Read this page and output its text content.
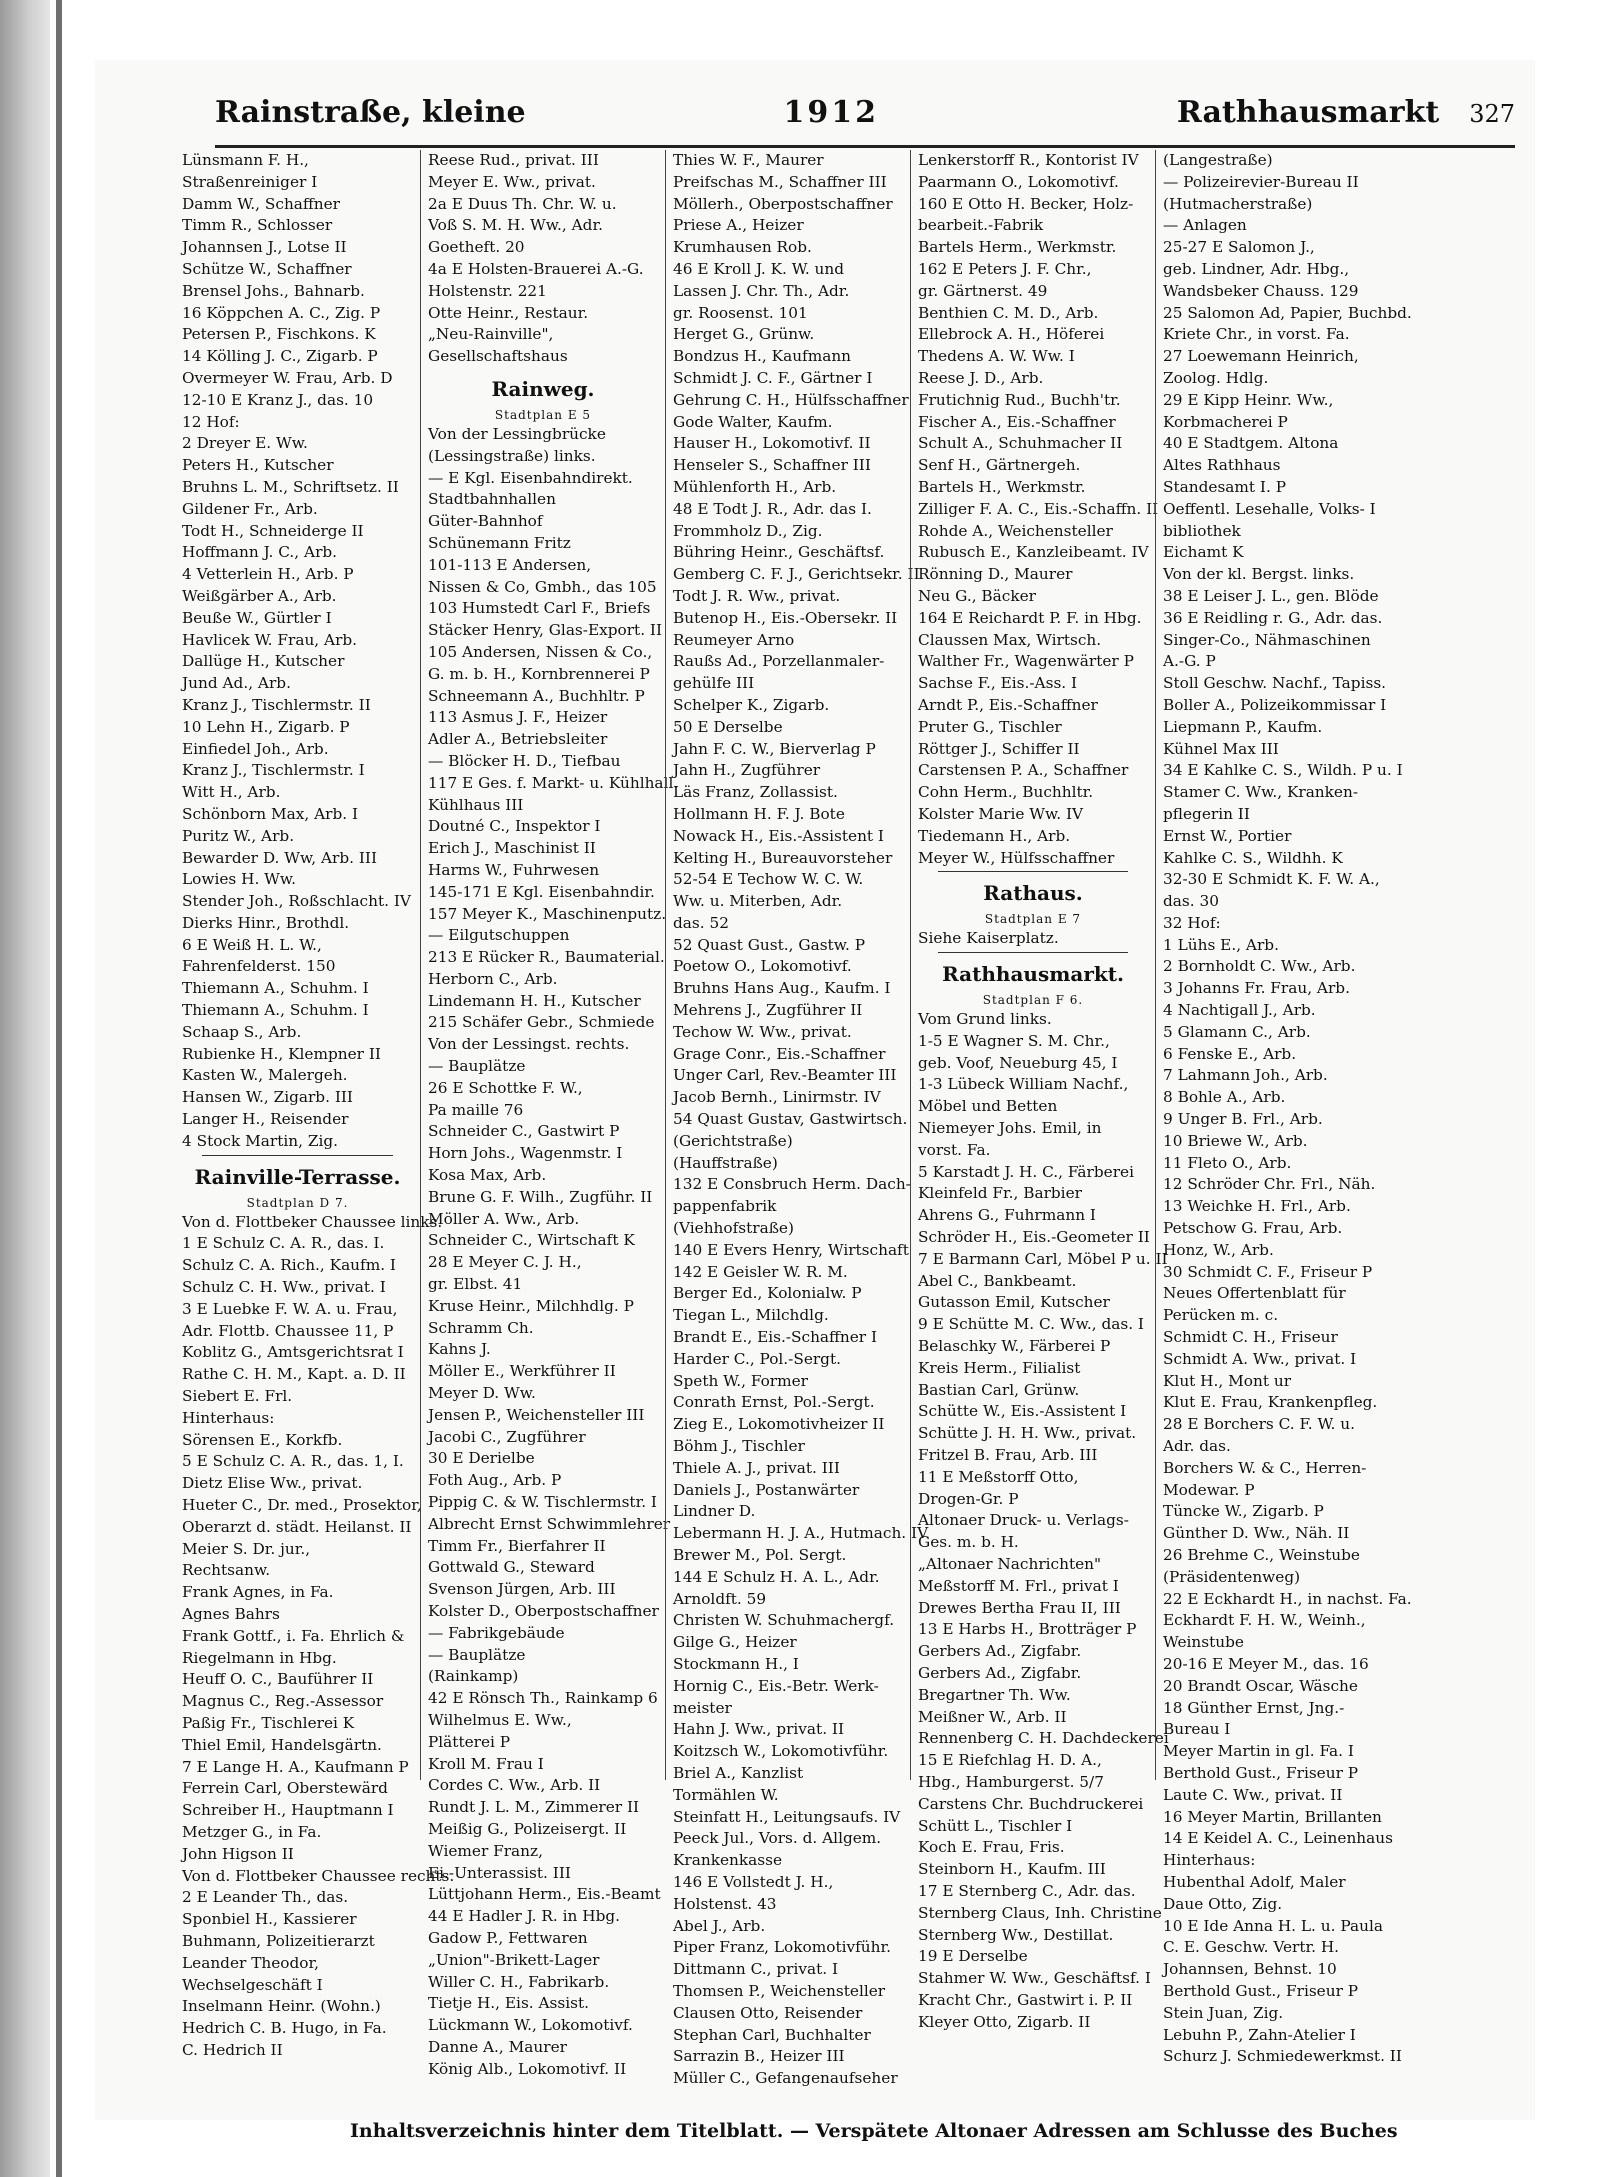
Rainstraße, kleine	1912	Rathhausmarkt 327
Lünsmann F. H.,
Straßenreiniger I
Damm W., Schaffner
Timm R., Schlosser
Johannsen J., Lotse II
Schütze W., Schaffner
Brensel Johs., Bahnarb.
16 Köppchen A. C., Zig. P
Petersen P., Fischkons. K
14 Kölling J. C., Zigarb. P
Overmeyer W. Frau, Arb. D
12-10 E Kranz J., das. 10
12 Hof:
2 Dreyer E. Ww.
Peters H., Kutscher
Bruhns L. M., Schriftsetz. II
Gildener Fr., Arb.
Todt H., Schneiderge II
Hoffmann J. C., Arb.
4 Vetterlein H., Arb. P
Weißgärber A., Arb.
Beuße W., Gürtler I
Havlicek W. Frau, Arb.
Dallüge H., Kutscher
Jund Ad., Arb.
Kranz J., Tischlermstr. II
10 Lehn H., Zigarb. P
Einfiedel Joh., Arb.
Kranz J., Tischlermstr. I
Witt H., Arb.
Schönborn Max, Arb. I
Puritz W., Arb.
Bewarder D. Ww, Arb. III
Lowies H. Ww.
Stender Joh., Roßschlacht. IV
Dierks Hinr., Brothdl.
6 E Weiß H. L. W.,
Fahrenfelderst. 150
Thiemann A., Schuhm. I
Thiemann A., Schuhm. I
Schaap S., Arb.
Rubienke H., Klempner II
Kasten W., Malergeh.
Hansen W., Zigarb. III
Langer H., Reisender
4 Stock Martin, Zig.
Rainville-Terrasse.
Stadtplan D 7.
Von d. Flottbeker Chaussee links.
1 E Schulz C. A. R., das. I.
Schulz C. A. Rich., Kaufm. I
Schulz C. H. Ww., privat. I
3 E Luebke F. W. A. u. Frau,
Adr. Flottb. Chaussee 11, P
Koblitz G., Amtsgerichtsrat I
Rathe C. H. M., Kapt. a. D. II
Siebert E. Frl.
Hinterhaus:
Sörensen E., Korkfb.
5 E Schulz C. A. R., das. 1, I.
Dietz Elise Ww., privat.
Hueter C., Dr. med., Prosektor,
Oberarzt d. städt. Heilanst. II
Meier S. Dr. jur.,
Rechtsanw.
Frank Agnes, in Fa.
Agnes Bahrs
Frank Gottf., i. Fa. Ehrlich &
Riegelmann in Hbg.
Heuff O. C., Bauführer II
Magnus C., Reg.-Assessor
Paßig Fr., Tischlerei K
Thiel Emil, Handelsgärtn.
7 E Lange H. A., Kaufmann P
Ferrein Carl, Oberstewärd
Schreiber H., Hauptmann I
Metzger G., in Fa.
John Higson II
Von d. Flottbeker Chaussee rechts.
2 E Leander Th., das.
Sponbiel H., Kassierer
Buhmann, Polizeitierarzt
Leander Theodor,
Wechselgeschäft I
Inselmann Heinr. (Wohn.)
Hedrich C. B. Hugo, in Fa.
C. Hedrich II
Reese Rud., privat. III
Meyer E. Ww., privat.
2a E Duus Th. Chr. W. u.
Voß S. M. H. Ww., Adr.
Goetheft. 20
4a E Holsten-Brauerei A.-G.
Holstenstr. 221
Otte Heinr., Restaur.
„Neu-Rainville",
Gesellschaftshaus
Rainweg.
Stadtplan E 5
Von der Lessingbrücke
(Lessingstraße) links.
— E Kgl. Eisenbahndirekt.
Stadtbahnhallen
Güter-Bahnhof
Schünemann Fritz
101-113 E Andersen,
Nissen & Co, Gmbh., das 105
103 Humstedt Carl F., Briefs
Stäcker Henry, Glas-Export. II
105 Andersen, Nissen & Co.,
G. m. b. H., Kornbrennerei P
Schneemann A., Buchhltr. P
113 Asmus J. F., Heizer
Adler A., Betriebsleiter
— Blöcker H. D., Tiefbau
117 E Ges. f. Markt- u. Kühlhall.
Kühlhaus III
Doutné C., Inspektor I
Erich J., Maschinist II
Harms W., Fuhrwesen
145-171 E Kgl. Eisenbahndir.
157 Meyer K., Maschinenputz.
— Eilgutschuppen
213 E Rücker R., Baumaterial.
Herborn C., Arb.
Lindemann H. H., Kutscher
215 Schäfer Gebr., Schmiede
Von der Lessingst. rechts.
— Bauplätze
26 E Schottke F. W.,
Pa maille 76
Schneider C., Gastwirt P
Horn Johs., Wagenmstr. I
Kosa Max, Arb.
Brune G. F. Wilh., Zugführ. II
Möller A. Ww., Arb.
Schneider C., Wirtschaft K
28 E Meyer C. J. H.,
gr. Elbst. 41
Kruse Heinr., Milchhdlg. P
Schramm Ch.
Kahns J.
Möller E., Werkführer II
Meyer D. Ww.
Jensen P., Weichensteller III
Jacobi C., Zugführer
30 E Derielbe
Foth Aug., Arb. P
Pippig C. & W. Tischlermstr. I
Albrecht Ernst Schwimmlehrer
Timm Fr., Bierfahrer II
Gottwald G., Steward
Svenson Jürgen, Arb. III
Kolster D., Oberpostschaffner
— Fabrikgebäude
— Bauplätze
(Rainkamp)
42 E Rönsch Th., Rainkamp 6
Wilhelmus E. Ww.,
Plätterei P
Kroll M. Frau I
Cordes C. Ww., Arb. II
Rundt J. L. M., Zimmerer II
Meißig G., Polizeisergt. II
Wiemer Franz,
Ei.-Unterassist. III
Lüttjohann Herm., Eis.-Beamt
44 E Hadler J. R. in Hbg.
Gadow P., Fettwaren
„Union"-Brikett-Lager
Willer C. H., Fabrikarb.
Tietje H., Eis. Assist.
Lückmann W., Lokomotivf.
Danne A., Maurer
König Alb., Lokomotivf. II
Thies W. F., Maurer
Preifschas M., Schaffner III
Möllerh., Oberpostschaffner
Priese A., Heizer
Krumhausen Rob.
46 E Kroll J. K. W. und
Lassen J. Chr. Th., Adr.
gr. Roosenst. 101
Herget G., Grünw.
Bondzus H., Kaufmann
Schmidt J. C. F., Gärtner I
Gehrung C. H., Hülfsschaffner
Gode Walter, Kaufm.
Hauser H., Lokomotivf. II
Henseler S., Schaffner III
Mühlenforth H., Arb.
48 E Todt J. R., Adr. das I.
Frommholz D., Zig.
Bühring Heinr., Geschäftsf.
Gemberg C. F. J., Gerichtsekr. II
Todt J. R. Ww., privat.
Butenop H., Eis.-Obersekr. II
Reumeyer Arno
Raußs Ad., Porzellanmaler-
gehülfe III
Schelper K., Zigarb.
50 E Derselbe
Jahn F. C. W., Bierverlag P
Jahn H., Zugführer
Läs Franz, Zollassist.
Hollmann H. F. J. Bote
Nowack H., Eis.-Assistent I
Kelting H., Bureauvorsteher
52-54 E Techow W. C. W.
Ww. u. Miterben, Adr.
das. 52
52 Quast Gust., Gastw. P
Poetow O., Lokomotivf.
Bruhns Hans Aug., Kaufm. I
Mehrens J., Zugführer II
Techow W. Ww., privat.
Grage Conr., Eis.-Schaffner
Unger Carl, Rev.-Beamter III
Jacob Bernh., Linirmstr. IV
54 Quast Gustav, Gastwirtsch.
(Gerichtstraße)
(Hauffstraße)
132 E Consbruch Herm. Dach-
pappenfabrik
(Viehhofstraße)
140 E Evers Henry, Wirtschaft
142 E Geisler W. R. M.
Berger Ed., Kolonialw. P
Tiegan L., Milchdlg.
Brandt E., Eis.-Schaffner I
Harder C., Pol.-Sergt.
Speth W., Former
Conrath Ernst, Pol.-Sergt.
Zieg E., Lokomotivheizer II
Böhm J., Tischler
Thiele A. J., privat. III
Daniels J., Postanwärter
Lindner D.
Lebermann H. J. A., Hutmach. IV
Brewer M., Pol. Sergt.
144 E Schulz H. A. L., Adr.
Arnoldft. 59
Christen W. Schuhmachergf.
Gilge G., Heizer
Stockmann H., I
Hornig C., Eis.-Betr. Werk-
meister
Hahn J. Ww., privat. II
Koitzsch W., Lokomotivführ.
Briel A., Kanzlist
Tormählen W.
Steinfatt H., Leitungsaufs. IV
Peeck Jul., Vors. d. Allgem.
Krankenkasse
146 E Vollstedt J. H.,
Holstenst. 43
Abel J., Arb.
Piper Franz, Lokomotivführ.
Dittmann C., privat. I
Thomsen P., Weichensteller
Clausen Otto, Reisender
Stephan Carl, Buchhalter
Sarrazin B., Heizer III
Müller C., Gefangenaufseher
Lenkerstorff R., Kontorist IV
Paarmann O., Lokomotivf.
160 E Otto H. Becker, Holz-
bearbeit.-Fabrik
Bartels Herm., Werkmstr.
162 E Peters J. F. Chr.,
gr. Gärtnerst. 49
Benthien C. M. D., Arb.
Ellebrock A. H., Höferei
Thedens A. W. Ww. I
Reese J. D., Arb.
Frutichnig Rud., Buchh'tr.
Fischer A., Eis.-Schaffner
Schult A., Schuhmacher II
Senf H., Gärtnergeh.
Bartels H., Werkmstr.
Zilliger F. A. C., Eis.-Schaffn. II
Rohde A., Weichensteller
Rubusch E., Kanzleibeamt. IV
Rönning D., Maurer
Neu G., Bäcker
164 E Reichardt P. F. in Hbg.
Claussen Max, Wirtsch.
Walther Fr., Wagenwärter P
Sachse F., Eis.-Ass. I
Arndt P., Eis.-Schaffner
Pruter G., Tischler
Röttger J., Schiffer II
Carstensen P. A., Schaffner
Cohn Herm., Buchhltr.
Kolster Marie Ww. IV
Tiedemann H., Arb.
Meyer W., Hülfsschaffner
Rathaus.
Stadtplan E 7
Siehe Kaiserplatz.
Rathhausmarkt.
Stadtplan F 6.
Vom Grund links.
1-5 E Wagner S. M. Chr.,
geb. Voof, Neueburg 45, I
1-3 Lübeck William Nachf.,
Möbel und Betten
Niemeyer Johs. Emil, in
vorst. Fa.
5 Karstadt J. H. C., Färberei
Kleinfeld Fr., Barbier
Ahrens G., Fuhrmann I
Schröder H., Eis.-Geometer II
7 E Barmann Carl, Möbel P u. II
Abel C., Bankbeamt.
Gutasson Emil, Kutscher
9 E Schütte M. C. Ww., das. I
Belaschky W., Färberei P
Kreis Herm., Filialist
Bastian Carl, Grünw.
Schütte W., Eis.-Assistent I
Schütte J. H. H. Ww., privat.
Fritzel B. Frau, Arb. III
11 E Meßstorff Otto,
Drogen-Gr. P
Altonaer Druck- u. Verlags-
Ges. m. b. H.
„Altonaer Nachrichten"
Meßstorff M. Frl., privat I
Drewes Bertha Frau II, III
13 E Harbs H., Brotträger P
Gerbers Ad., Zigfabr.
Gerbers Ad., Zigfabr.
Bregartner Th. Ww.
Meißner W., Arb. II
Rennenberg C. H. Dachdeckerei
15 E Riefchlag H. D. A.,
Hbg., Hamburgerst. 5/7
Carstens Chr. Buchdruckerei
Schütt L., Tischler I
Koch E. Frau, Fris.
Steinborn H., Kaufm. III
17 E Sternberg C., Adr. das.
Sternberg Claus, Inh. Christine
Sternberg Ww., Destillat.
19 E Derselbe
Stahmer W. Ww., Geschäftsf. I
Kracht Chr., Gastwirt i. P. II
Kleyer Otto, Zigarb. II
(Langestraße)
— Polizeirevier-Bureau II
(Hutmacherstraße)
— Anlagen
25-27 E Salomon J.,
geb. Lindner, Adr. Hbg.,
Wandsbeker Chauss. 129
25 Salomon Ad, Papier, Buchbd.
Kriete Chr., in vorst. Fa.
27 Loewemann Heinrich,
Zoolog. Hdlg.
29 E Kipp Heinr. Ww.,
Korbmacherei P
40 E Stadtgem. Altona
Altes Rathhaus
Standesamt I. P
Oeffentl. Lesehalle, Volks- I
bibliothek
Eichamt K
Von der kl. Bergst. links.
38 E Leiser J. L., gen. Blöde
36 E Reidling r. G., Adr. das.
Singer-Co., Nähmaschinen
A.-G. P
Stoll Geschw. Nachf., Tapiss.
Boller A., Polizeikommissar I
Liepmann P., Kaufm.
Kühnel Max III
34 E Kahlke C. S., Wildh. P u. I
Stamer C. Ww., Kranken-
pflegerin II
Ernst W., Portier
Kahlke C. S., Wildhh. K
32-30 E Schmidt K. F. W. A.,
das. 30
32 Hof:
1 Lühs E., Arb.
2 Bornholdt C. Ww., Arb.
3 Johanns Fr. Frau, Arb.
4 Nachtigall J., Arb.
5 Glamann C., Arb.
6 Fenske E., Arb.
7 Lahmann Joh., Arb.
8 Bohle A., Arb.
9 Unger B. Frl., Arb.
10 Briewe W., Arb.
11 Fleto O., Arb.
12 Schröder Chr. Frl., Näh.
13 Weichke H. Frl., Arb.
Petschow G. Frau, Arb.
Honz, W., Arb.
30 Schmidt C. F., Friseur P
Neues Offertenblatt für
Perücken m. c.
Schmidt C. H., Friseur
Schmidt A. Ww., privat. I
Klut H., Mont ur
Klut E. Frau, Krankenpfleg.
28 E Borchers C. F. W. u.
Adr. das.
Borchers W. & C., Herren-
Modewar. P
Tüncke W., Zigarb. P
Günther D. Ww., Näh. II
26 Brehme C., Weinstube
(Präsidentenweg)
22 E Eckhardt H., in nachst. Fa.
Eckhardt F. H. W., Weinh.,
Weinstube
20-16 E Meyer M., das. 16
20 Brandt Oscar, Wäsche
18 Günther Ernst, Jng.-
Bureau I
Meyer Martin in gl. Fa. I
Berthold Gust., Friseur P
Laute C. Ww., privat. II
16 Meyer Martin, Brillanten
14 E Keidel A. C., Leinenhaus
Hinterhaus:
Hubenthal Adolf, Maler
Daue Otto, Zig.
10 E Ide Anna H. L. u. Paula
C. E. Geschw. Vertr. H.
Johannsen, Behnst. 10
Berthold Gust., Friseur P
Stein Juan, Zig.
Lebuhn P., Zahn-Atelier I
Schurz J. Schmiedewerkmst. II
Inhaltsverzeichnis hinter dem Titelblatt. — Verspätete Altonaer Adressen am Schlusse des Buches
